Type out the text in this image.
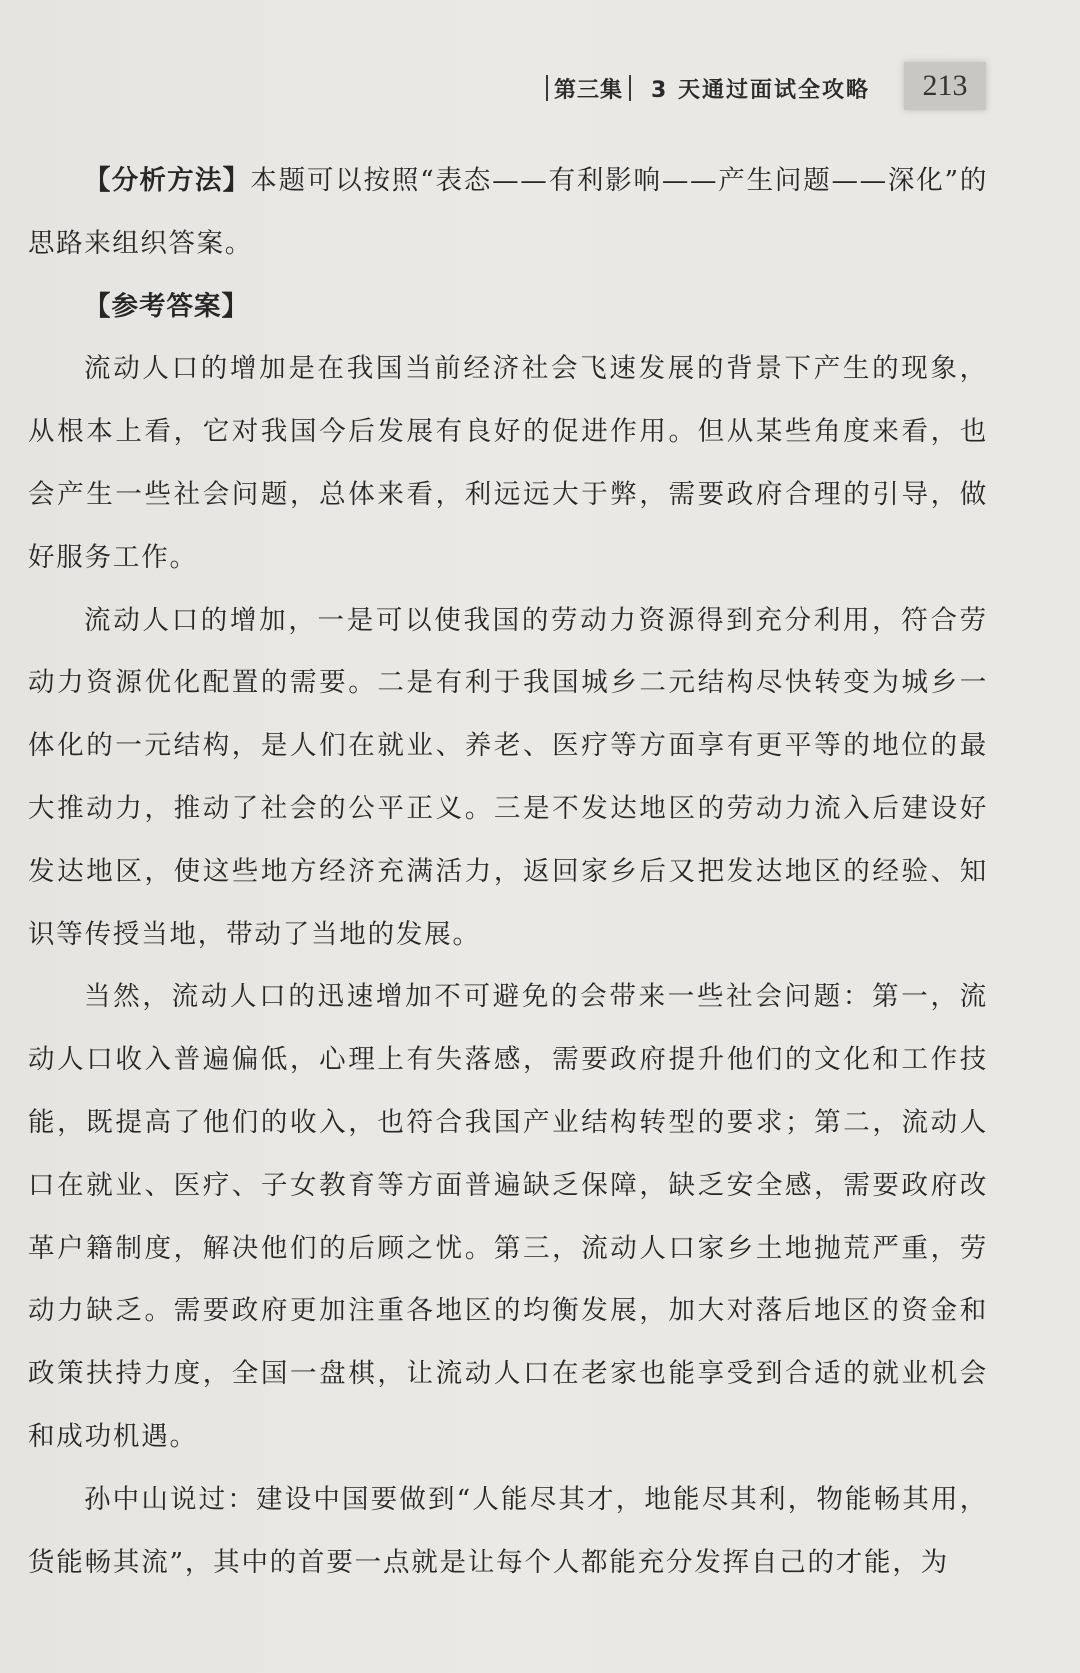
第三集 3 天通过面试全攻略	213

【分析方法】本题可以按照“表态——有利影响——产生问题——深化”的思路来组织答案。

【参考答案】

流动人口的增加是在我国当前经济社会飞速发展的背景下产生的现象，从根本上看，它对我国今后发展有良好的促进作用。但从某些角度来看，也会产生一些社会问题，总体来看，利远远大于弊，需要政府合理的引导，做好服务工作。

流动人口的增加，一是可以使我国的劳动力资源得到充分利用，符合劳动力资源优化配置的需要。二是有利于我国城乡二元结构尽快转变为城乡一体化的一元结构，是人们在就业、养老、医疗等方面享有更平等的地位的最大推动力，推动了社会的公平正义。三是不发达地区的劳动力流入后建设好发达地区，使这些地方经济充满活力，返回家乡后又把发达地区的经验、知识等传授当地，带动了当地的发展。

当然，流动人口的迅速增加不可避免的会带来一些社会问题：第一，流动人口收入普遍偏低，心理上有失落感，需要政府提升他们的文化和工作技能，既提高了他们的收入，也符合我国产业结构转型的要求；第二，流动人口在就业、医疗、子女教育等方面普遍缺乏保障，缺乏安全感，需要政府改革户籍制度，解决他们的后顾之忧。第三，流动人口家乡土地抛荒严重，劳动力缺乏。需要政府更加注重各地区的均衡发展，加大对落后地区的资金和政策扶持力度，全国一盘棋，让流动人口在老家也能享受到合适的就业机会和成功机遇。

孙中山说过：建设中国要做到“人能尽其才，地能尽其利，物能畅其用，货能畅其流”，其中的首要一点就是让每个人都能充分发挥自己的才能，为
